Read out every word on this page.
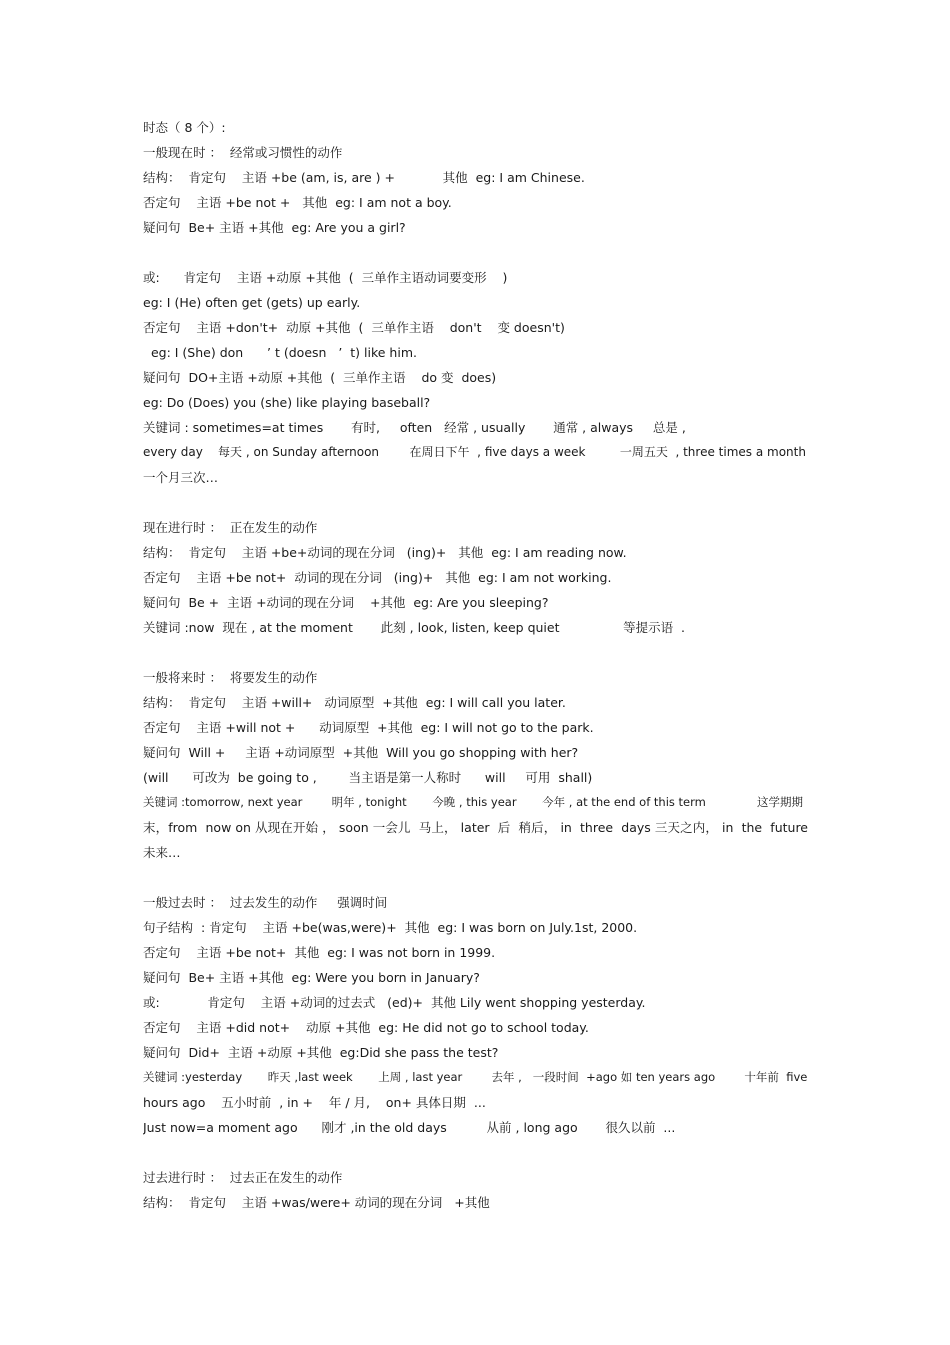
时态（ 8 个）:
一般现在时 ：  经常或习惯性的动作
结构：  肯定句    主语 +be (am, is, are ) +            其他  eg: I am Chinese.
否定句    主语 +be not +   其他  eg: I am not a boy.
疑问句  Be+ 主语 +其他  eg: Are you a girl?
或:      肯定句    主语 +动原 +其他  (  三单作主语动词要变形    )
eg: I (He) often get (gets) up early.
否定句    主语 +don't+  动原 +其他  (  三单作主语    don't    变 doesn't)
eg: I (She) don      ’ t (doesn   ’  t) like him.
疑问句  DO+主语 +动原 +其他  (  三单作主语    do 变  does)
eg: Do (Does) you (she) like playing baseball?
关键词 : sometimes=at times       有时,     often   经常 , usually       通常 , always     总是 ,
every day    每天 , on Sunday afternoon        在周日下午  , five days a week         一周五天  , three times a month
一个月三次…
现在进行时 ：  正在发生的动作
结构：  肯定句    主语 +be+动词的现在分词   (ing)+   其他  eg: I am reading now.
否定句    主语 +be not+  动词的现在分词   (ing)+   其他  eg: I am not working.
疑问句  Be +  主语 +动词的现在分词    +其他  eg: Are you sleeping?
关键词 :now  现在 , at the moment       此刻 , look, listen, keep quiet                等提示语  .
一般将来时 ：  将要发生的动作
结构：  肯定句    主语 +will+   动词原型  +其他  eg: I will call you later.
否定句    主语 +will not +      动词原型  +其他  eg: I will not go to the park.
疑问句  Will +     主语 +动词原型  +其他  Will you go shopping with her?
(will      可改为  be going to ,        当主语是第一人称时      will     可用  shall)
关键词 :tomorrow, next year        明年 , tonight       今晚 , this year       今年 , at the end of this term              这学期期
末，from  now on 从现在开始 ， soon 一会儿  马上， later  后  稍后， in  three  days 三天之内， in  the  future
未来…
一般过去时 ：  过去发生的动作     强调时间
句子结构  : 肯定句    主语 +be(was,were)+  其他  eg: I was born on July.1st, 2000.
否定句    主语 +be not+  其他  eg: I was not born in 1999.
疑问句  Be+ 主语 +其他  eg: Were you born in January?
或:            肯定句    主语 +动词的过去式   (ed)+  其他 Lily went shopping yesterday.
否定句    主语 +did not+    动原 +其他  eg: He did not go to school today.
疑问句  Did+  主语 +动原 +其他  eg:Did she pass the test?
关键词 :yesterday       昨天 ,last week       上周 , last year        去年 ,   一段时间  +ago 如 ten years ago        十年前  five
hours ago    五小时前  , in +    年 / 月,    on+ 具体日期  ...
Just now=a moment ago      刚才 ,in the old days          从前 , long ago       很久以前  ...
过去进行时 ：  过去正在发生的动作
结构：  肯定句    主语 +was/were+ 动词的现在分词   +其他
